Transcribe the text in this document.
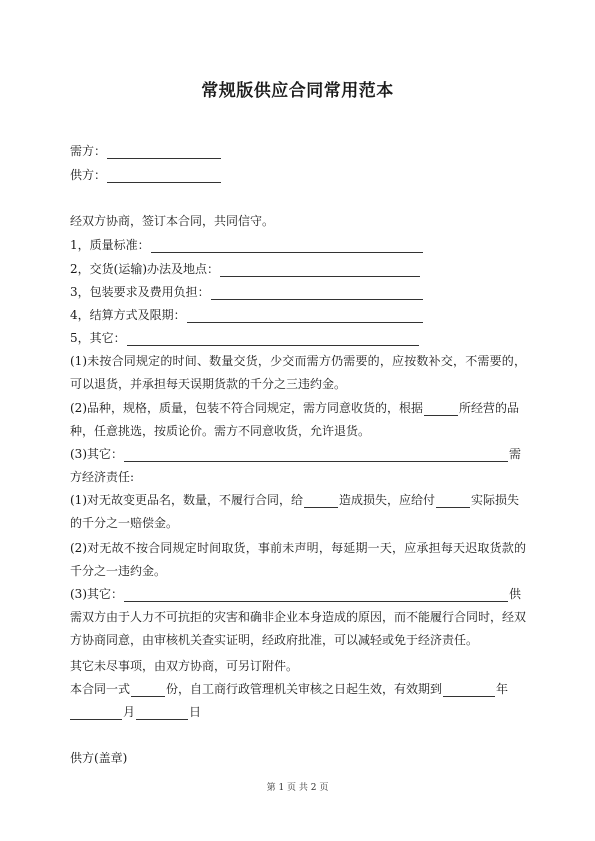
常规版供应合同常用范本
需方：
供方：
经双方协商，签订本合同，共同信守。
1，质量标准：
2，交货(运输)办法及地点：
3，包装要求及费用负担：
4，结算方式及限期：
5，其它：
(1)未按合同规定的时间、数量交货，少交而需方仍需要的，应按数补交，不需要的，
可以退货，并承担每天误期货款的千分之三违约金。
(2)品种，规格，质量，包装不符合同规定，需方同意收货的，根据	所经营的品
种，任意挑选，按质论价。需方不同意收货，允许退货。
(3)其它：	需
方经济责任:
(1)对无故变更品名，数量，不履行合同，给	造成损失，应给付	实际损失
的千分之一赔偿金。
(2)对无故不按合同规定时间取货，事前未声明，每延期一天，应承担每天迟取货款的
千分之一违约金。
(3)其它：	供
需双方由于人力不可抗拒的灾害和确非企业本身造成的原因，而不能履行合同时，经双
方协商同意，由审核机关查实证明，经政府批准，可以减轻或免于经济责任。
其它未尽事项，由双方协商，可另订附件。
本合同一式	份，自工商行政管理机关审核之日起生效，有效期到	年
月	日
供方(盖章)
第 1 页 共 2 页
